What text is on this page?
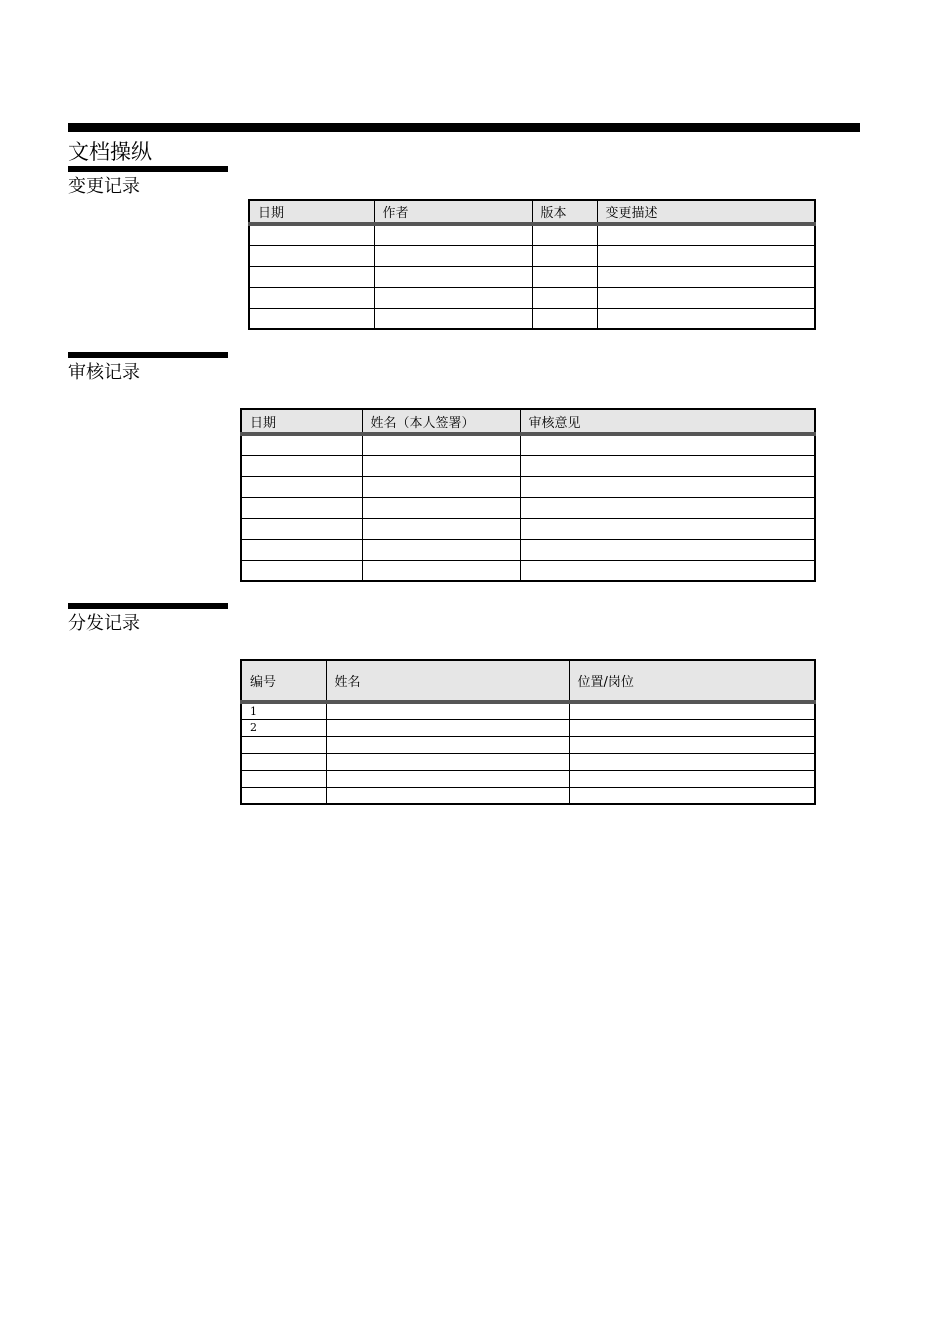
文档操纵
变更记录
日期	作者	版本	变更描述

审核记录
日期	姓名（本人签署）	审核意见

分发记录
编号	姓名	位置/岗位
1		
2		
